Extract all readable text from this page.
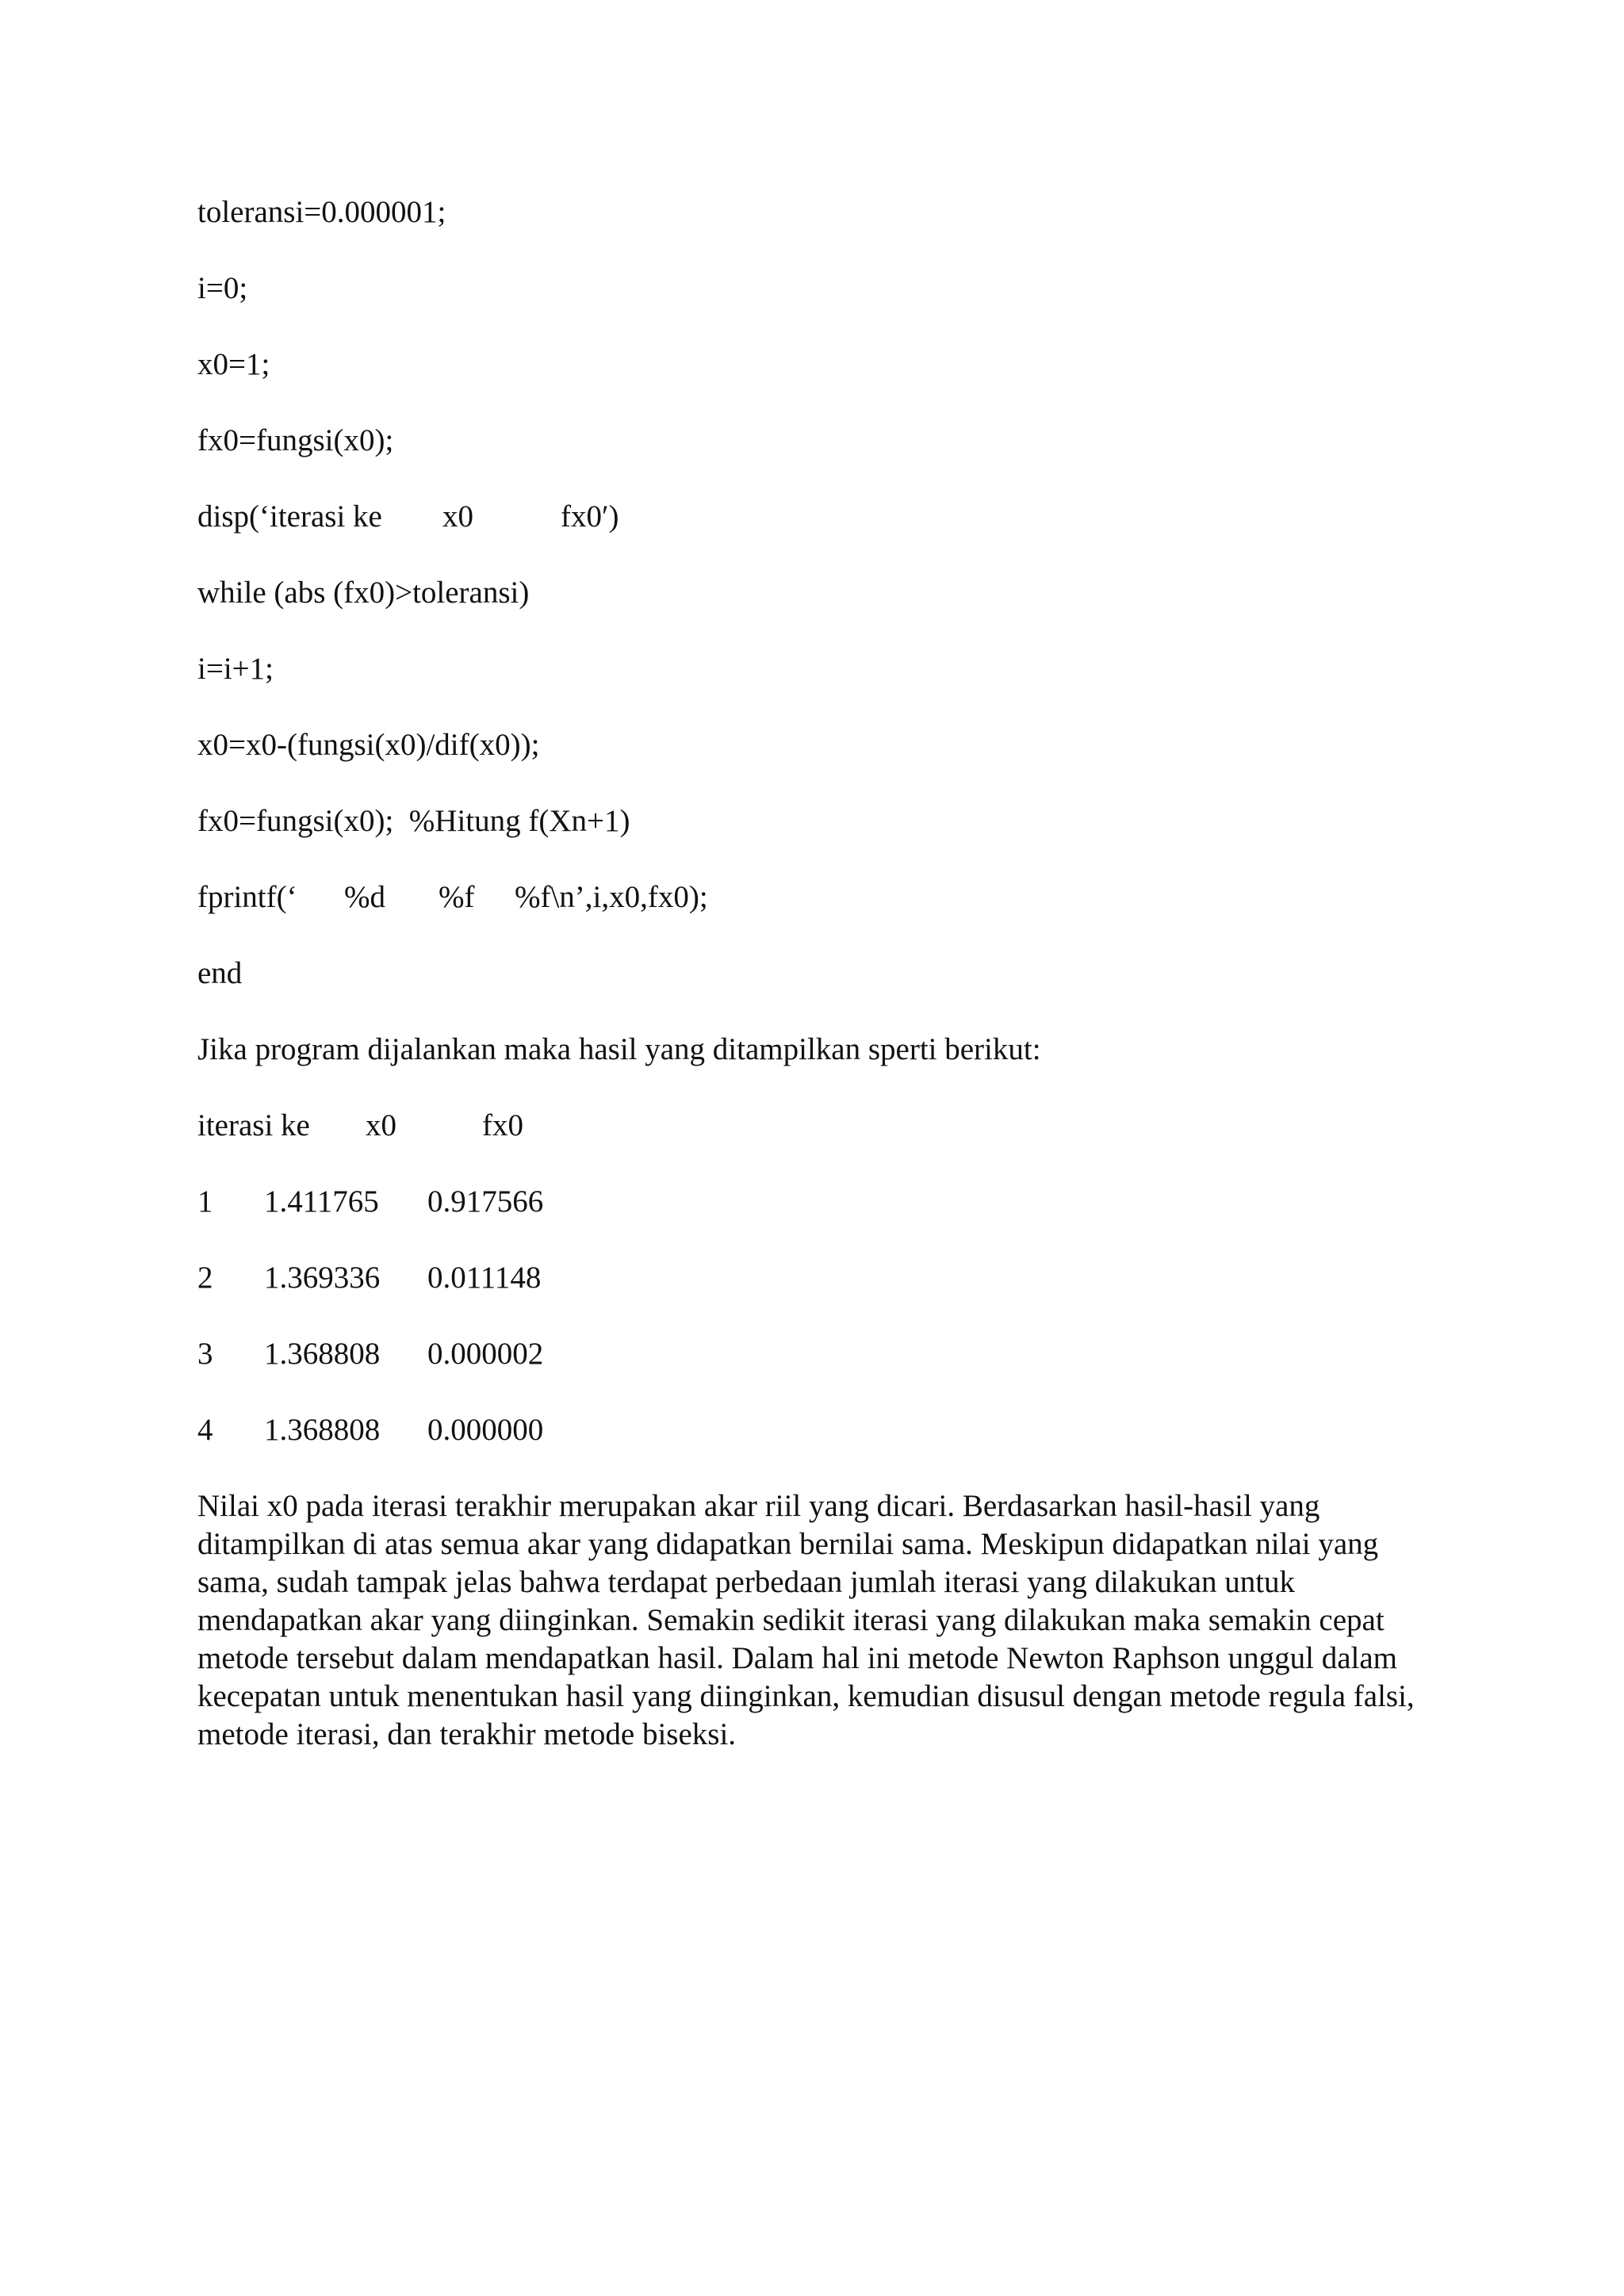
toleransi=0.000001;
i=0;
x0=1;
fx0=fungsi(x0);

disp(‘iterasi ke

x0

	fx0′)

while (abs (fx0)>toleransi)
i=i+1;
x0=x0-(fungsi(x0)/dif(x0));
fx0=fungsi(x0);  %Hitung f(Xn+1)

fprintf(‘

%d

%f

%f\n’,i,x0,fx0);

end
Jika program dijalankan maka hasil yang ditampilkan sperti berikut:

iterasi ke

x0

	fx0

1

1.411765

0.917566

2

1.369336

0.011148

3

1.368808

0.000002

4

1.368808

0.000000

Nilai x0 pada iterasi terakhir merupakan akar riil yang dicari. Berdasarkan hasil-hasil yang ditampilkan di atas semua akar yang didapatkan bernilai sama. Meskipun didapatkan nilai yang sama, sudah tampak jelas bahwa terdapat perbedaan jumlah iterasi yang dilakukan untuk mendapatkan akar yang diinginkan. Semakin sedikit iterasi yang dilakukan maka semakin cepat metode tersebut dalam mendapatkan hasil. Dalam hal ini metode Newton Raphson unggul dalam kecepatan untuk menentukan hasil yang diinginkan, kemudian disusul dengan metode regula falsi, metode iterasi, dan terakhir metode biseksi.
